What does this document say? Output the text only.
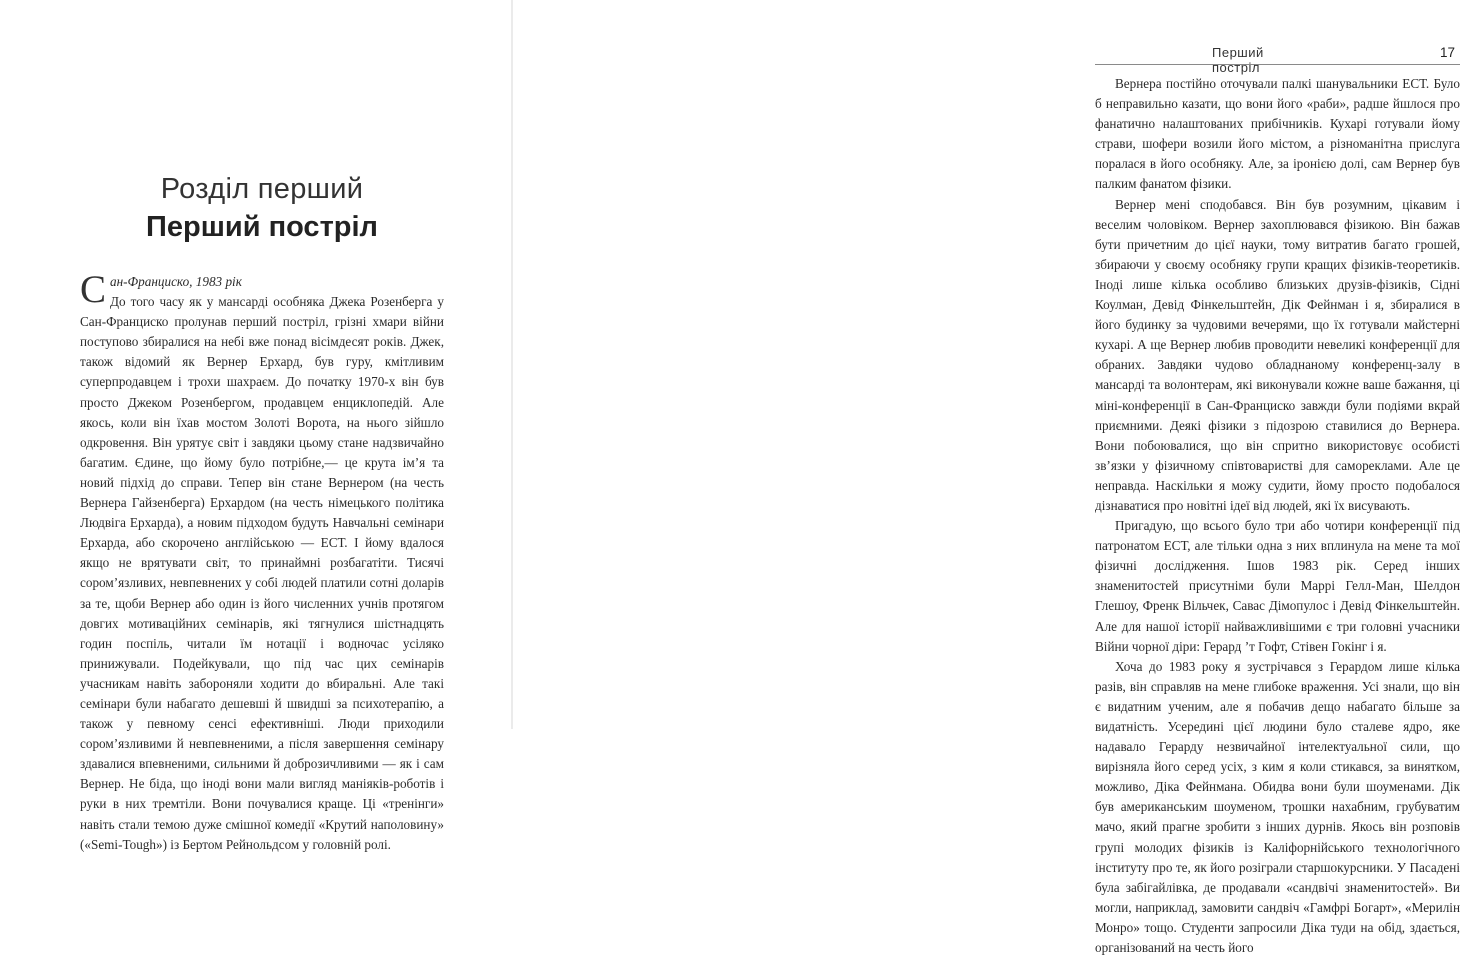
Розділ перший
Перший постріл
С ан-Франциско, 1983 рік

До того часу як у мансарді особняка Джека Розенберга у Сан-Франциско пролунав перший постріл, грізні хмари війни поступово збиралися на небі вже понад вісімдесят років. Джек, також відомий як Вернер Ерхард, був гуру, кмітливим суперпродавцем і трохи шахраєм. До початку 1970-х він був просто Джеком Розенбергом, продавцем енциклопедій. Але якось, коли він їхав мостом Золоті Ворота, на нього зійшло одкровення. Він урятує світ і завдяки цьому стане надзвичайно багатим. Єдине, що йому було потрібне,— це крута ім’я та новий підхід до справи. Тепер він стане Вернером (на честь Вернера Гайзенберга) Ерхардом (на честь німецького політика Людвіга Ерхарда), а новим підходом будуть Навчальні семінари Ерхарда, або скорочено англійською — ЕСТ. І йому вдалося якщо не врятувати світ, то принаймні розбагатіти. Тисячі сором’язливих, невпевнених у собі людей платили сотні доларів за те, щоби Вернер або один із його численних учнів протягом довгих мотиваційних семінарів, які тягнулися шістнадцять годин поспіль, читали їм нотації і водночас усіляко принижували. Подейкували, що під час цих семінарів учасникам навіть забороняли ходити до вбиральні. Але такі семінари були набагато дешевші й швидші за психотерапію, а також у певному сенсі ефективніші. Люди приходили сором’язливими й невпевненими, а після завершення семінару здавалися впевненими, сильними й доброзичливими — як і сам Вернер. Не біда, що іноді вони мали вигляд маніяків-роботів і руки в них тремтіли. Вони почувалися краще. Ці «тренінги» навіть стали темою дуже смішної комедії «Крутий наполовину» («Semi-Tough») із Бертом Рейнольдсом у головній ролі.

Перший постріл
17

Вернера постійно оточували палкі шанувальники ЕСТ. Було б неправильно казати, що вони його «раби», радше йшлося про фанатично налаштованих прибічників. Кухарі готували йому страви, шофери возили його містом, а різноманітна прислуга поралася в його особняку. Але, за іронією долі, сам Вернер був палким фанатом фізики.

Вернер мені сподобався. Він був розумним, цікавим і веселим чоловіком. Вернер захоплювався фізикою. Він бажав бути причетним до цієї науки, тому витратив багато грошей, збираючи у своєму особняку групи кращих фізиків-теоретиків. Іноді лише кілька особливо близьких друзів-фізиків, Сідні Коулман, Девід Фінкельштейн, Дік Фейнман і я, збиралися в його будинку за чудовими вечерями, що їх готували майстерні кухарі. А ще Вернер любив проводити невеликі конференції для обраних. Завдяки чудово обладнаному конференц-залу в мансарді та волонтерам, які виконували кожне ваше бажання, ці міні-конференції в Сан-Франциско завжди були подіями вкрай приємними. Деякі фізики з підозрою ставилися до Вернера. Вони побоювалися, що він спритно використовує особисті зв’язки у фізичному співтоваристві для самореклами. Але це неправда. Наскільки я можу судити, йому просто подобалося дізнаватися про новітні ідеї від людей, які їх висувають.

Пригадую, що всього було три або чотири конференції під патронатом ЕСТ, але тільки одна з них вплинула на мене та мої фізичні дослідження. Ішов 1983 рік. Серед інших знаменитостей присутніми були Маррі Гелл-Ман, Шелдон Глешоу, Френк Вільчек, Савас Дімопулос і Девід Фінкельштейн. Але для нашої історії найважливішими є три головні учасники Війни чорної діри: Герард ’т Гофт, Стівен Гокінг і я.

Хоча до 1983 року я зустрічався з Герардом лише кілька разів, він справляв на мене глибоке враження. Усі знали, що він є видатним ученим, але я побачив дещо набагато більше за видатність. Усередині цієї людини було сталеве ядро, яке надавало Герарду незвичайної інтелектуальної сили, що вирізняла його серед усіх, з ким я коли стикався, за винятком, можливо, Діка Фейнмана. Обидва вони були шоуменами. Дік був американським шоуменом, трошки нахабним, грубуватим мачо, який прагне зробити з інших дурнів. Якось він розповів групі молодих фізиків із Каліфорнійського технологічного інституту про те, як його розіграли старшокурсники. У Пасадені була забігайлівка, де продавали «сандвічі знаменитостей». Ви могли, наприклад, замовити сандвіч «Гамфрі Богарт», «Мерилін Монро» тощо. Студенти запросили Діка туди на обід, здається, організований на честь його
